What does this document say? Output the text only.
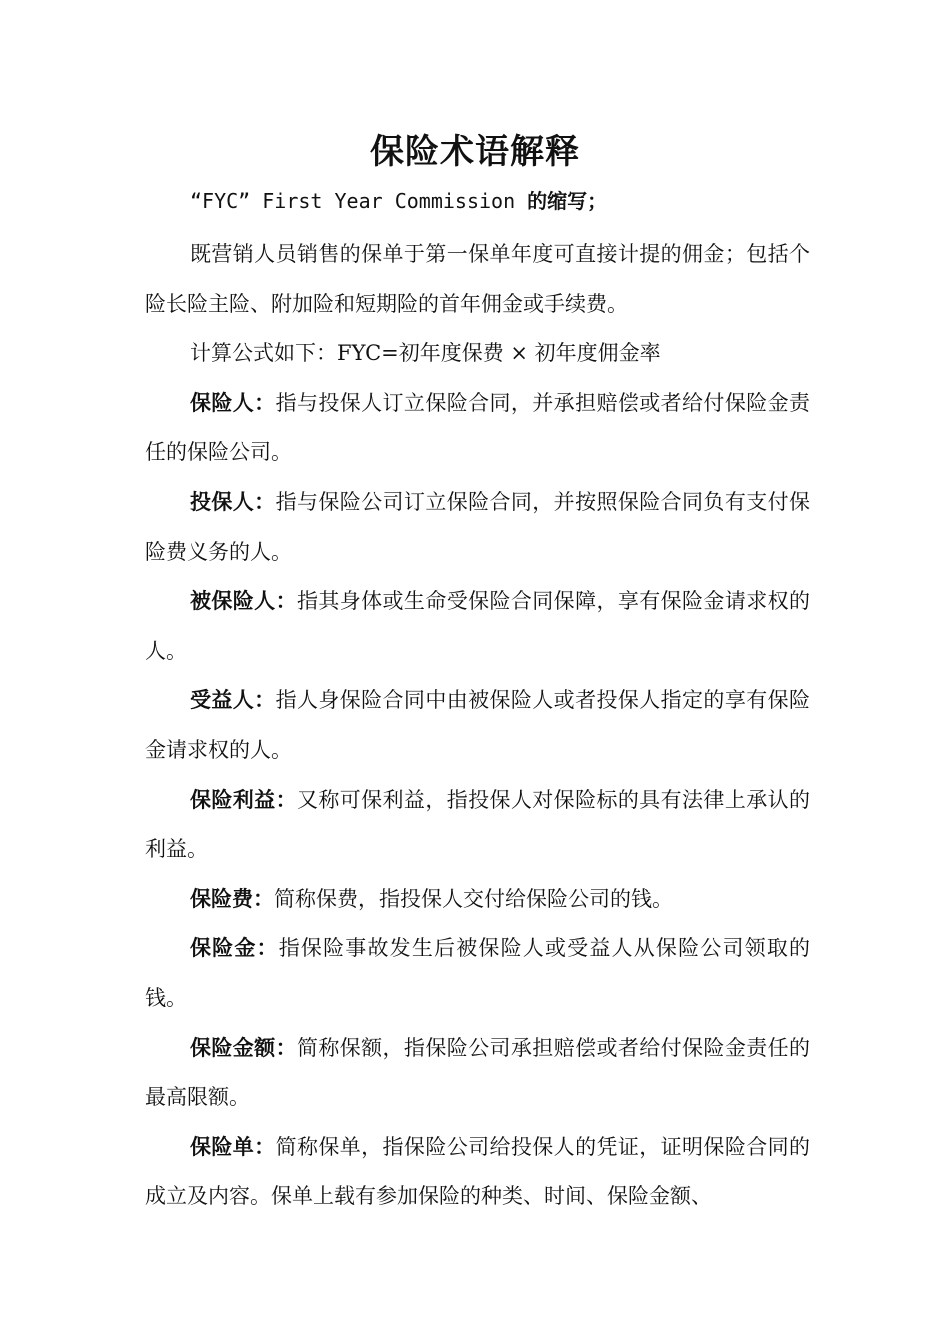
保险术语解释
“FYC” First Year Commission 的缩写；

既营销人员销售的保单于第一保单年度可直接计提的佣金；包括个险长险主险、附加险和短期险的首年佣金或手续费。

计算公式如下：FYC=初年度保费 × 初年度佣金率

保险人：指与投保人订立保险合同，并承担赔偿或者给付保险金责任的保险公司。

投保人：指与保险公司订立保险合同，并按照保险合同负有支付保险费义务的人。

被保险人：指其身体或生命受保险合同保障，享有保险金请求权的人。

受益人：指人身保险合同中由被保险人或者投保人指定的享有保险金请求权的人。

保险利益：又称可保利益，指投保人对保险标的具有法律上承认的利益。

保险费：简称保费，指投保人交付给保险公司的钱。

保险金：指保险事故发生后被保险人或受益人从保险公司领取的钱。

保险金额：简称保额，指保险公司承担赔偿或者给付保险金责任的最高限额。

保险单：简称保单，指保险公司给投保人的凭证，证明保险合同的成立及内容。保单上载有参加保险的种类、时间、保险金额、
